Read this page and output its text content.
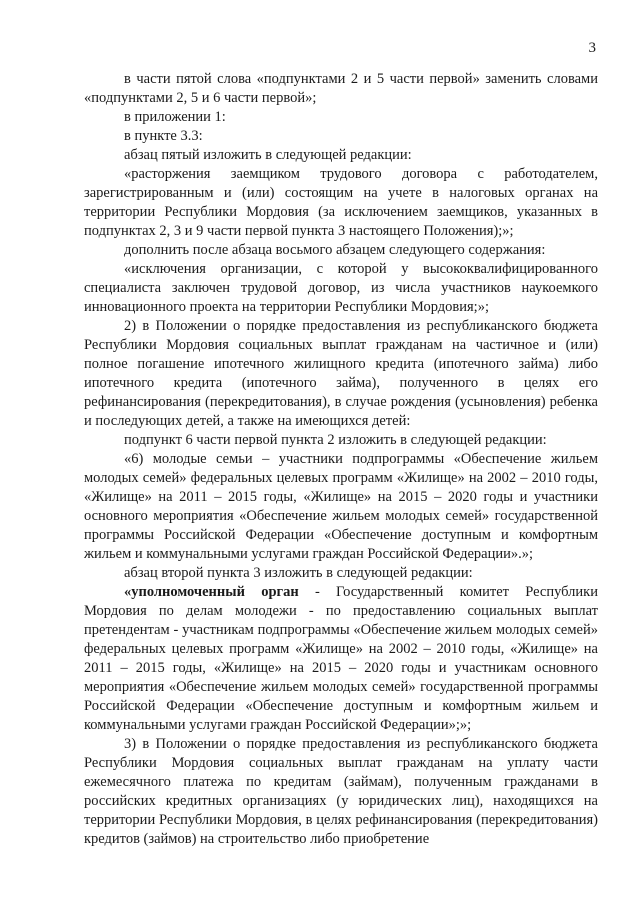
3

в части пятой слова «подпунктами 2 и 5 части первой» заменить словами «подпунктами 2, 5 и 6 части первой»;

в приложении 1:

в пункте 3.3:

абзац пятый изложить в следующей редакции:

«расторжения заемщиком трудового договора с работодателем, зарегистрированным и (или) состоящим на учете в налоговых органах на территории Республики Мордовия (за исключением заемщиков, указанных в подпунктах 2, 3 и 9 части первой пункта 3 настоящего Положения);»;

дополнить после абзаца восьмого абзацем следующего содержания:

«исключения организации, с которой у высококвалифицированного специалиста заключен трудовой договор, из числа участников наукоемкого инновационного проекта на территории Республики Мордовия;»;

2) в Положении о порядке предоставления из республиканского бюджета Республики Мордовия социальных выплат гражданам на частичное и (или) полное погашение ипотечного жилищного кредита (ипотечного займа) либо ипотечного кредита (ипотечного займа), полученного в целях его рефинансирования (перекредитования), в случае рождения (усыновления) ребенка и последующих детей, а также на имеющихся детей:

подпункт 6 части первой пункта 2 изложить в следующей редакции:

«6) молодые семьи – участники подпрограммы «Обеспечение жильем молодых семей» федеральных целевых программ «Жилище» на 2002 – 2010 годы, «Жилище» на 2011 – 2015 годы, «Жилище» на 2015 – 2020 годы и участники основного мероприятия «Обеспечение жильем молодых семей» государственной программы Российской Федерации «Обеспечение доступным и комфортным жильем и коммунальными услугами граждан Российской Федерации».»;

абзац второй пункта 3 изложить в следующей редакции:

«уполномоченный орган - Государственный комитет Республики Мордовия по делам молодежи - по предоставлению социальных выплат претендентам - участникам подпрограммы «Обеспечение жильем молодых семей» федеральных целевых программ «Жилище» на 2002 – 2010 годы, «Жилище» на 2011 – 2015 годы, «Жилище» на 2015 – 2020 годы и участникам основного мероприятия «Обеспечение жильем молодых семей» государственной программы Российской Федерации «Обеспечение доступным и комфортным жильем и коммунальными услугами граждан Российской Федерации»;»;

3) в Положении о порядке предоставления из республиканского бюджета Республики Мордовия социальных выплат гражданам на уплату части ежемесячного платежа по кредитам (займам), полученным гражданами в российских кредитных организациях (у юридических лиц), находящихся на территории Республики Мордовия, в целях рефинансирования (перекредитования) кредитов (займов) на строительство либо приобретение
